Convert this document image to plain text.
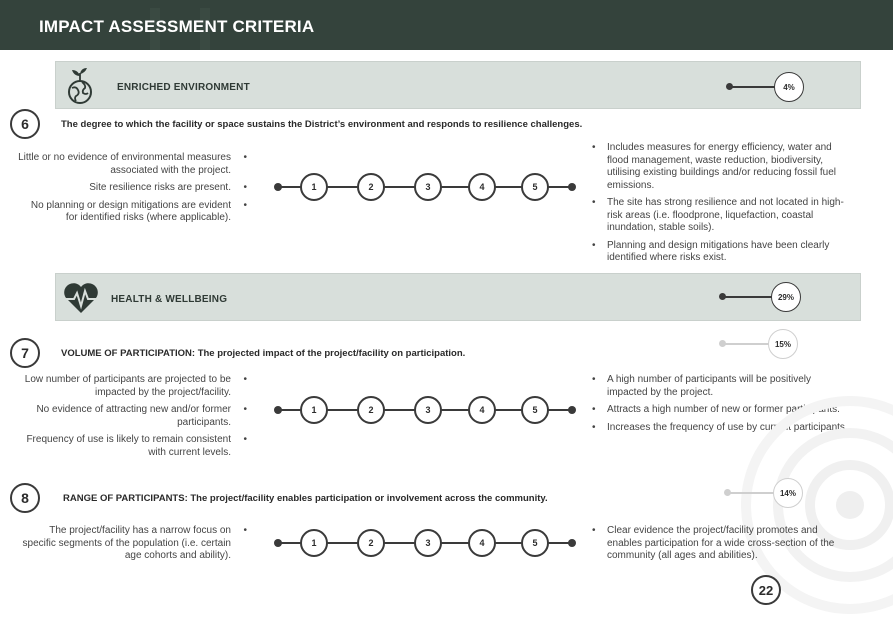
IMPACT ASSESSMENT CRITERIA
ENRICHED ENVIRONMENT	4%
6	The degree to which the facility or space sustains the District’s environment and responds to resilience challenges.

Little or no evidence of environmental measures associated with the project. •

Site resilience risks are present. •

No planning or design mitigations are evident for identified risks (where applicable). •

1	2	3	4	5

• Includes measures for energy efficiency, water and flood management, waste reduction, biodiversity, utilising existing buildings and/or reducing fossil fuel emissions.

• The site has strong resilience and not located in high-risk areas (i.e. floodprone, liquefaction, coastal inundation, stable soils).

• Planning and design mitigations have been clearly identified where risks exist.

HEALTH & WELLBEING	29%
15%
7	VOLUME OF PARTICIPATION: The projected impact of the project/facility on participation.

Low number of participants are projected to be impacted by the project/facility. •

No evidence of attracting new and/or former participants. •

Frequency of use is likely to remain consistent with current levels. •

1	2	3	4	5

• A high number of participants will be positively impacted by the project.

• Attracts a high number of new or former participants.

• Increases the frequency of use by current participants.

14%
8	RANGE OF PARTICIPANTS: The project/facility enables participation or involvement across the community.

The project/facility has a narrow focus on specific segments of the population (i.e. certain age cohorts and ability). •

1	2	3	4	5

• Clear evidence the project/facility promotes and enables participation for a wide cross-section of the community (all ages and abilities).

22
